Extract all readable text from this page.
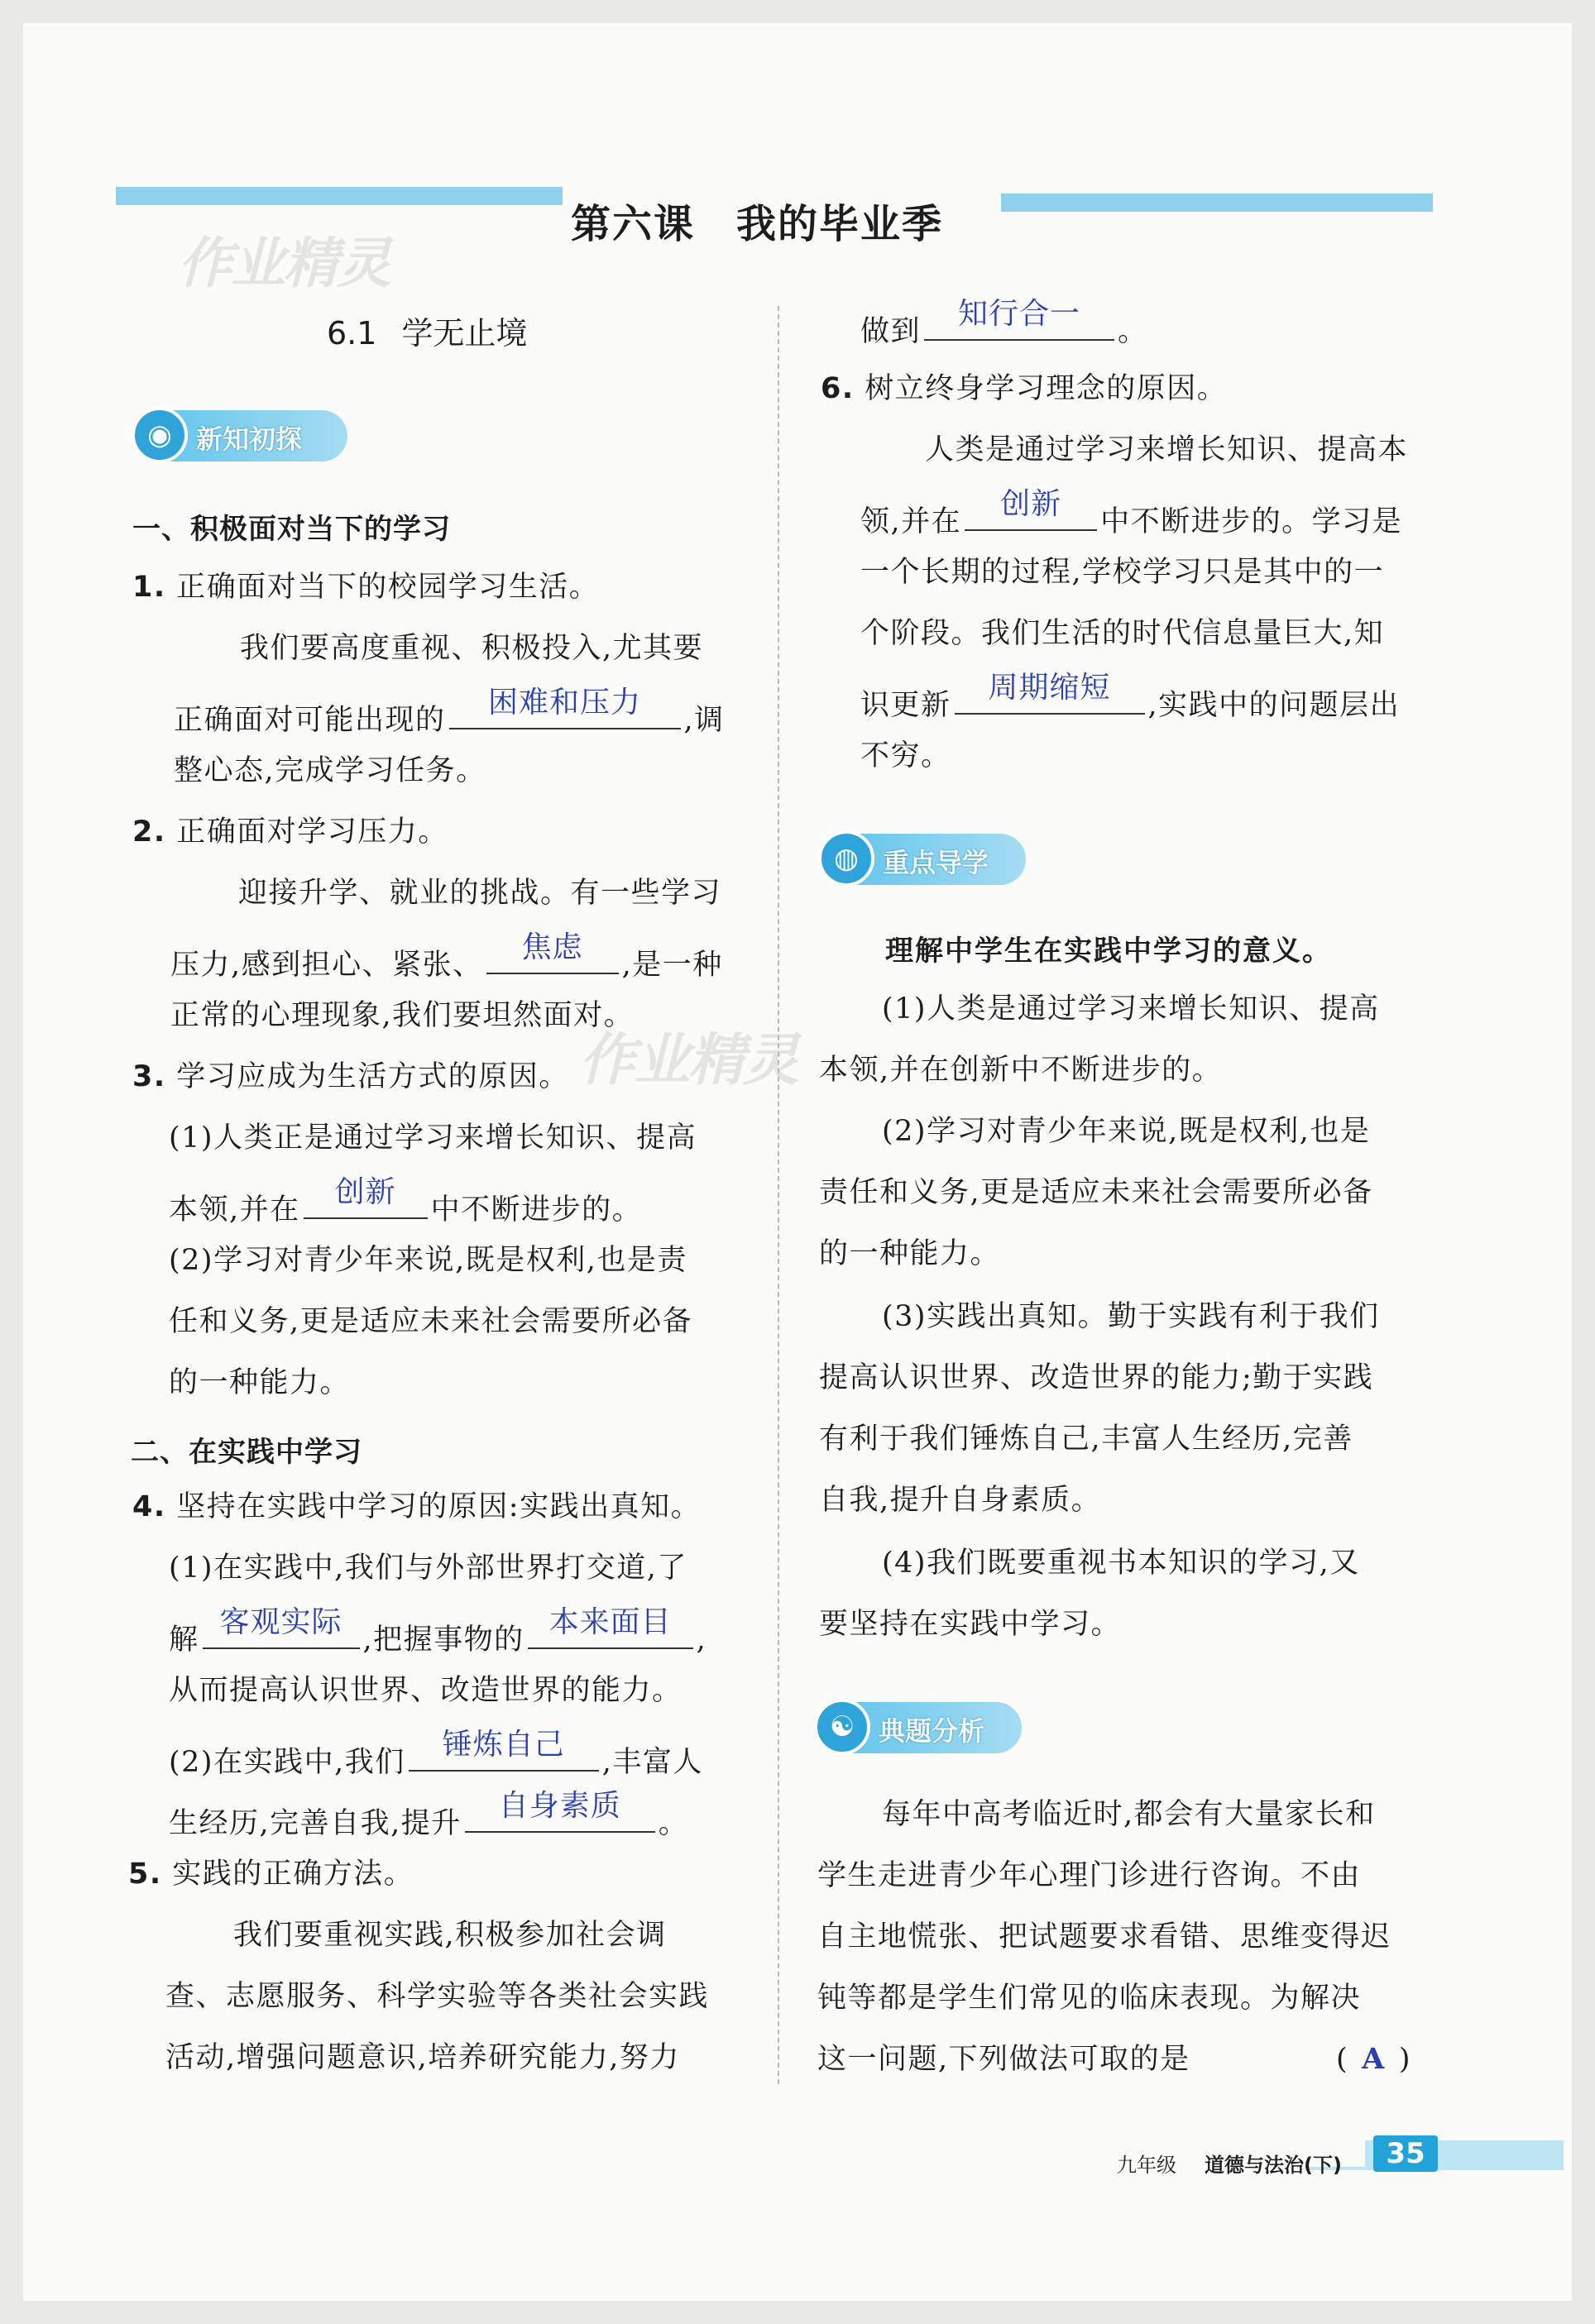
第六课 我的毕业季
作业精灵
作业精灵
6.1 学无止境
◉ 新知初探
一、积极面对当下的学习
1. 正确面对当下的校园学习生活。
我们要高度重视、积极投入,尤其要
正确面对可能出现的
困难和压力
,调
整心态,完成学习任务。
2. 正确面对学习压力。
迎接升学、就业的挑战。有一些学习
压力,感到担心、紧张、
焦虑
,是一种
正常的心理现象,我们要坦然面对。
3. 学习应成为生活方式的原因。
(1)人类正是通过学习来增长知识、提高
本领,并在
创新
中不断进步的。
(2)学习对青少年来说,既是权利,也是责
任和义务,更是适应未来社会需要所必备
的一种能力。
二、在实践中学习
4. 坚持在实践中学习的原因:实践出真知。
(1)在实践中,我们与外部世界打交道,了
解
客观实际
,把握事物的
本来面目
,
从而提高认识世界、改造世界的能力。
(2)在实践中,我们
锤炼自己
,丰富人
生经历,完善自我,提升
自身素质
。
5. 实践的正确方法。
我们要重视实践,积极参加社会调
查、志愿服务、科学实验等各类社会实践
活动,增强问题意识,培养研究能力,努力
做到
知行合一
。
6. 树立终身学习理念的原因。
人类是通过学习来增长知识、提高本
领,并在
创新
中不断进步的。学习是
一个长期的过程,学校学习只是其中的一
个阶段。我们生活的时代信息量巨大,知
识更新
周期缩短
,实践中的问题层出
不穷。
◍ 重点导学
理解中学生在实践中学习的意义。
(1)人类是通过学习来增长知识、提高
本领,并在创新中不断进步的。
(2)学习对青少年来说,既是权利,也是
责任和义务,更是适应未来社会需要所必备
的一种能力。
(3)实践出真知。勤于实践有利于我们
提高认识世界、改造世界的能力;勤于实践
有利于我们锤炼自己,丰富人生经历,完善
自我,提升自身素质。
(4)我们既要重视书本知识的学习,又
要坚持在实践中学习。
☯ 典题分析
每年中高考临近时,都会有大量家长和
学生走进青少年心理门诊进行咨询。不由
自主地慌张、把试题要求看错、思维变得迟
钝等都是学生们常见的临床表现。为解决
这一问题,下列做法可取的是	( A )
九年级 道德与法治(下)	35
